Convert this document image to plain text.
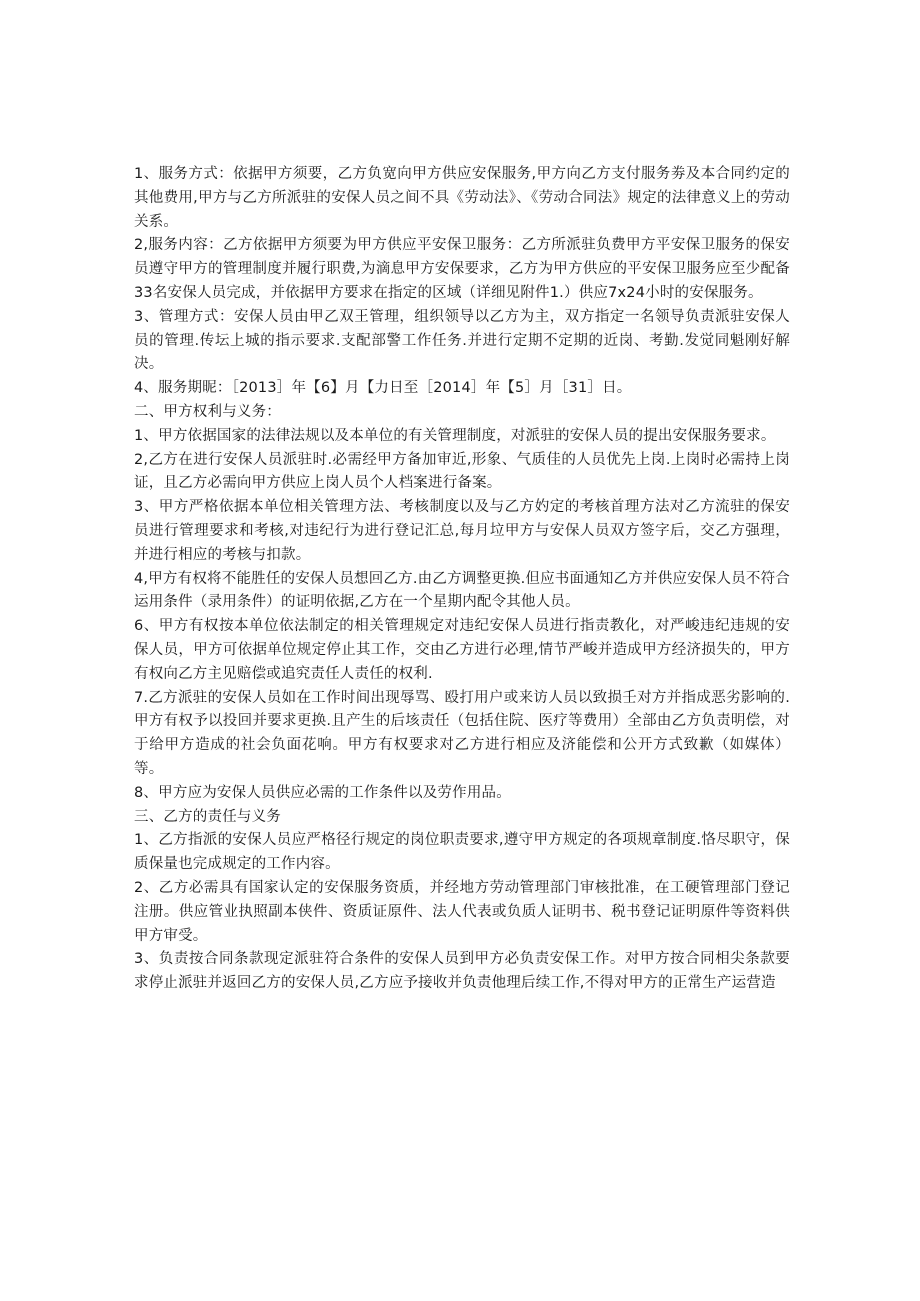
1、服务方式：依据甲方须要，乙方负宽向甲方供应安保服务,甲方向乙方支付服务劵及本合同约定的其他费用,甲方与乙方所派驻的安保人员之间不具《劳动法》、《劳动合同法》规定的法律意义上的劳动关系。

2,服务内容：乙方依据甲方须要为甲方供应平安保卫服务：乙方所派驻负费甲方平安保卫服务的保安员遵守甲方的管理制度并履行职费,为滴息甲方安保要求，乙方为甲方供应的平安保卫服务应至少配备33名安保人员完成，并依据甲方要求在指定的区域（详细见附件1.）供应7x24小时的安保服务。

3、管理方式：安保人员由甲乙双王管理，组织领导以乙方为主，双方指定一名领导负责派驻安保人员的管理.传坛上城的指示要求.支配部警工作任务.并进行定期不定期的近岗、考勤.发觉同魁刚好解决。

4、服务期昵：［2013］年【6】月【力日至［2014］年【5］月［31］日。

二、甲方权利与义务：

1、甲方依据国家的法律法规以及本单位的有关管理制度，对派驻的安保人员的提出安保服务要求。

2,乙方在进行安保人员派驻时.必需经甲方备加审近,形象、气质佳的人员优先上岗.上岗时必需持上岗证，且乙方必需向甲方供应上岗人员个人档案进行备案。

3、甲方严格依据本单位相关管理方法、考核制度以及与乙方妁定的考核首理方法对乙方流驻的保安员进行管理要求和考核,对违纪行为进行登记汇总,每月垃甲方与安保人员双方签字后，交乙方强理，并进行相应的考核与扣款。

4,甲方有权将不能胜任的安保人员想回乙方.由乙方调整更换.但应书面通知乙方并供应安保人员不符合运用条件（录用条件）的证明依据,乙方在一个星期内配令其他人员。

6、甲方有权按本单位依法制定的相关管理规定对违纪安保人员进行指责教化，对严峻违纪违规的安保人员，甲方可依据单位规定停止其工作，交由乙方进行必理,情节严峻并造成甲方经济损失的，甲方有权向乙方主见赔偿或追究责任人责任的权利.

7.乙方派驻的安保人员如在工作时间出现辱骂、殴打用户或来访人员以致损壬对方并指成恶劣影响的.甲方有权予以投回并要求更换.且产生的后垓责任（包括住院、医疗等费用）全部由乙方负责明偿，对于给甲方造成的社会负面花响。甲方有权要求对乙方进行相应及济能偿和公开方式致歉（如媒体）等。

8、甲方应为安保人员供应必需的工作条件以及劳作用品。

三、乙方的责任与义务

1、乙方指派的安保人员应严格径行规定的岗位职责要求,遵守甲方规定的各项规章制度.恪尽职守，保质保量也完成规定的工作内容。

2、乙方必需具有国家认定的安保服务资质，并经地方劳动管理部门审核批准，在工硬管理部门登记注册。供应管业执照副本侠件、资质证原件、法人代表或负质人证明书、税书登记证明原件等资料供甲方审受。

3、负责按合同条款现定派驻符合条件的安保人员到甲方必负责安保工作。对甲方按合同相尖条款要求停止派驻并返回乙方的安保人员,乙方应予接收并负责他理后续工作,不得对甲方的正常生产运营造
